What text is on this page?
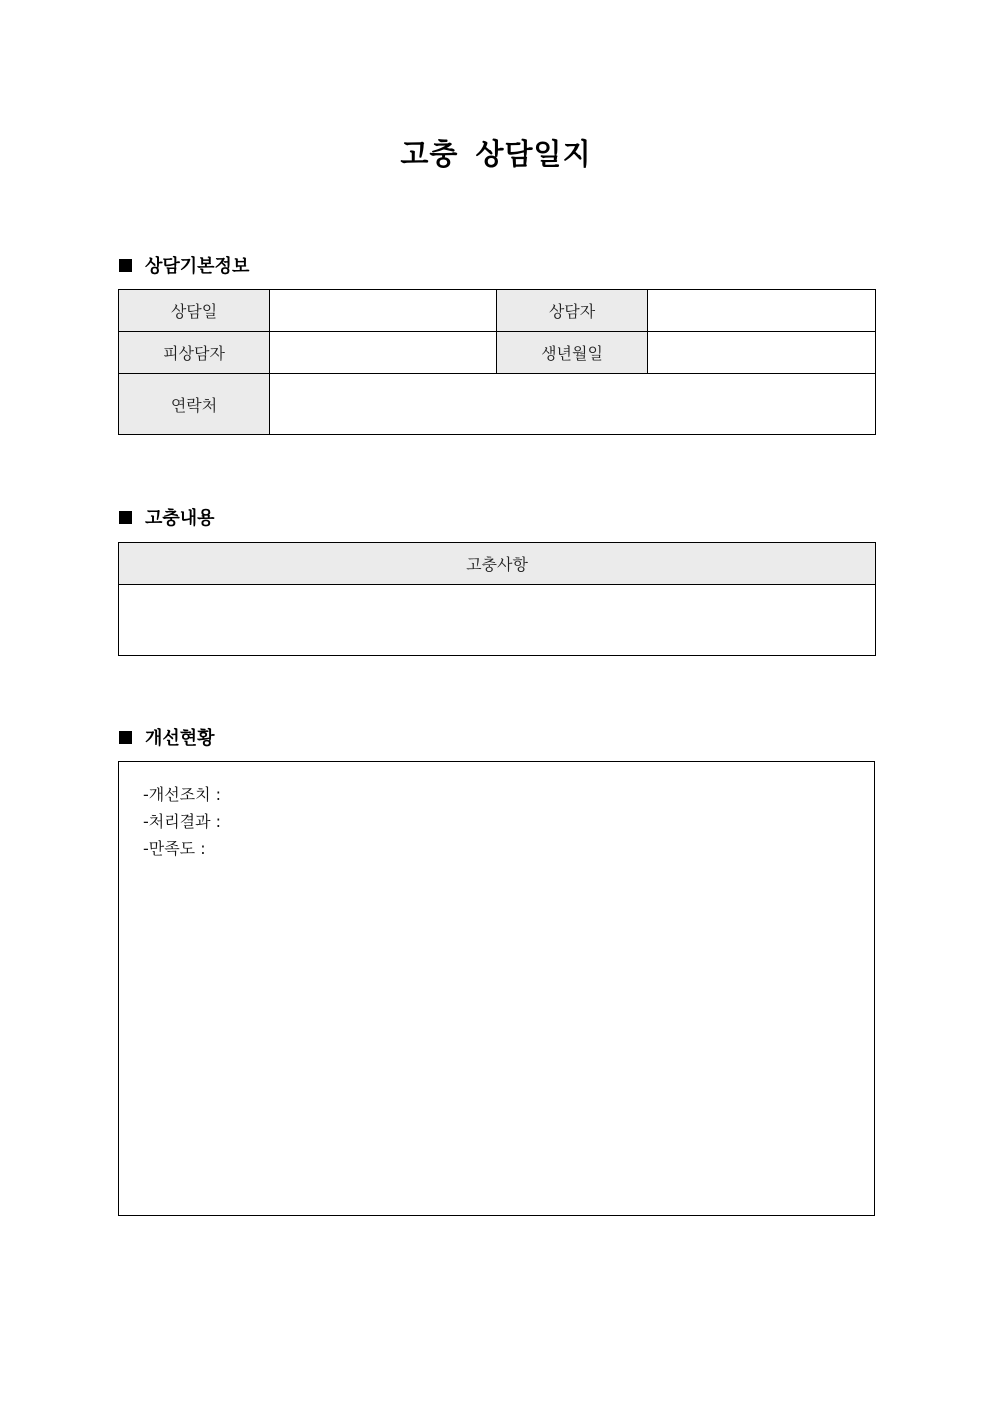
고충 상담일지
상담기본정보
상담일		상담자	
피상담자		생년월일	
연락처			
고충내용
고충사항

개선현황
-개선조치 :
-처리결과 :
-만족도 :
